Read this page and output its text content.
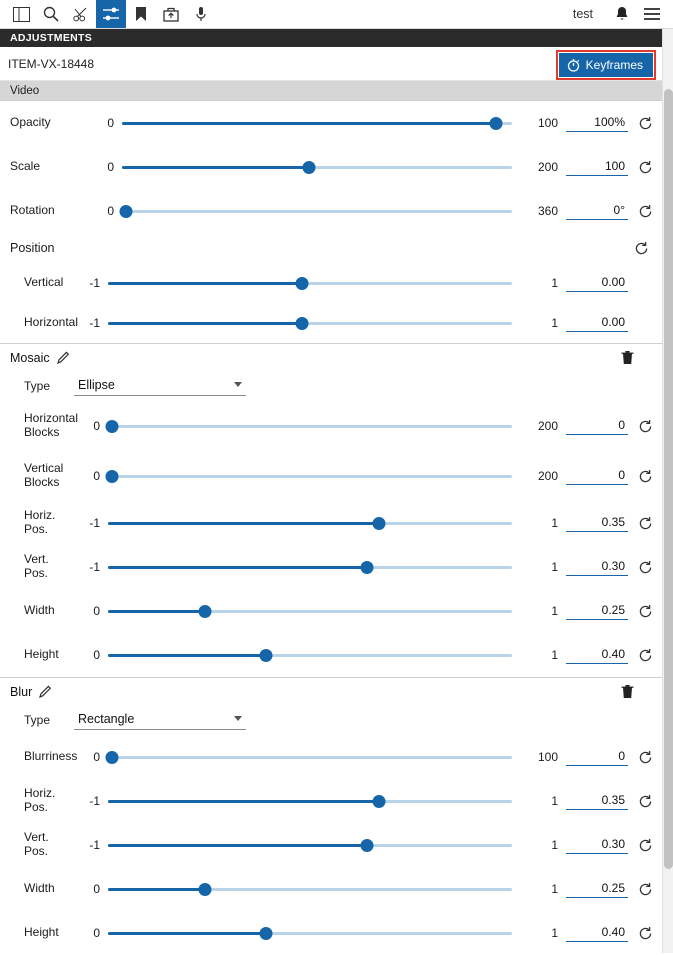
test
ADJUSTMENTS
ITEM-VX-18448	Keyframes
Video
Opacity	0	100	100%
Scale	0	200	100
Rotation	0	360	0°
Position
Vertical	-1	1	0.00
Horizontal -1	1	0.00
Mosaic
Type	Ellipse
Horizontal Blocks	0	200	0
Vertical Blocks	0	200	0
Horiz. Pos.	-1	1	0.35
Vert. Pos.	-1	1	0.30
Width	0	1	0.25
Height	0	1	0.40
Blur
Type	Rectangle
Blurriness	0	100	0
Horiz. Pos.	-1	1	0.35
Vert. Pos.	-1	1	0.30
Width	0	1	0.25
Height	0	1	0.40
